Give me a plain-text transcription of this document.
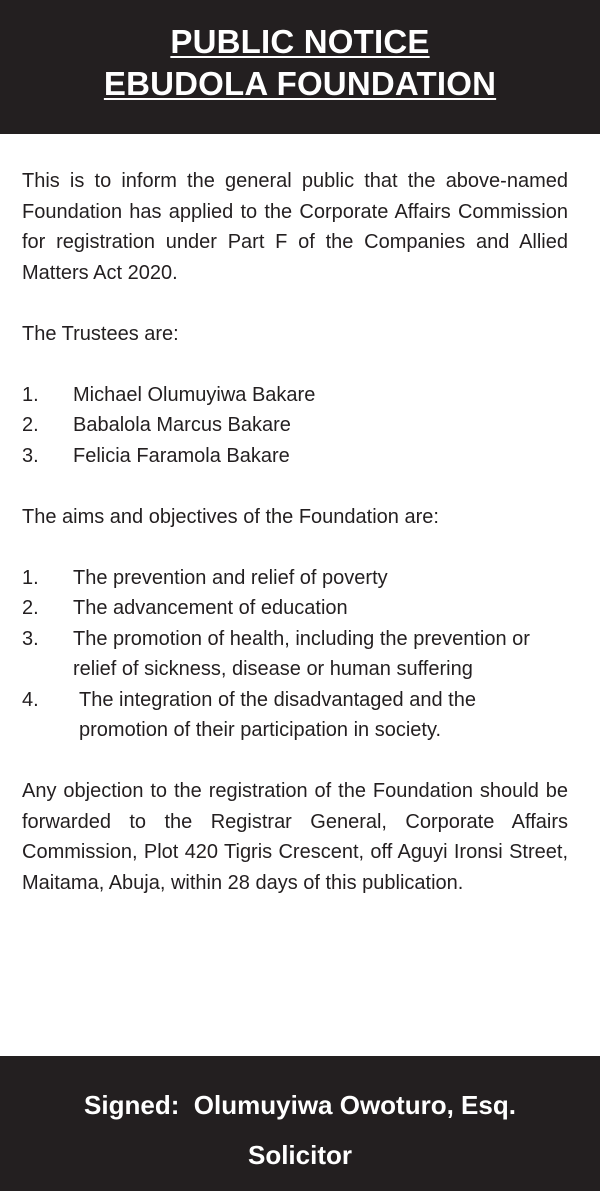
PUBLIC NOTICE
EBUDOLA FOUNDATION

This is to inform the general public that the above-named Foundation has applied to the Corporate Affairs Commission for registration under Part F of the Companies and Allied Matters Act 2020.

The Trustees are:

1. Michael Olumuyiwa Bakare
2. Babalola Marcus Bakare
3. Felicia Faramola Bakare

The aims and objectives of the Foundation are:

1. The prevention and relief of poverty
2. The advancement of education
3. The promotion of health, including the prevention or relief of sickness, disease or human suffering
4. The integration of the disadvantaged and the promotion of their participation in society.

Any objection to the registration of the Foundation should be forwarded to the Registrar General, Corporate Affairs Commission, Plot 420 Tigris Crescent, off Aguyi Ironsi Street, Maitama, Abuja, within 28 days of this publication.

Signed:  Olumuyiwa Owoturo, Esq.
Solicitor
